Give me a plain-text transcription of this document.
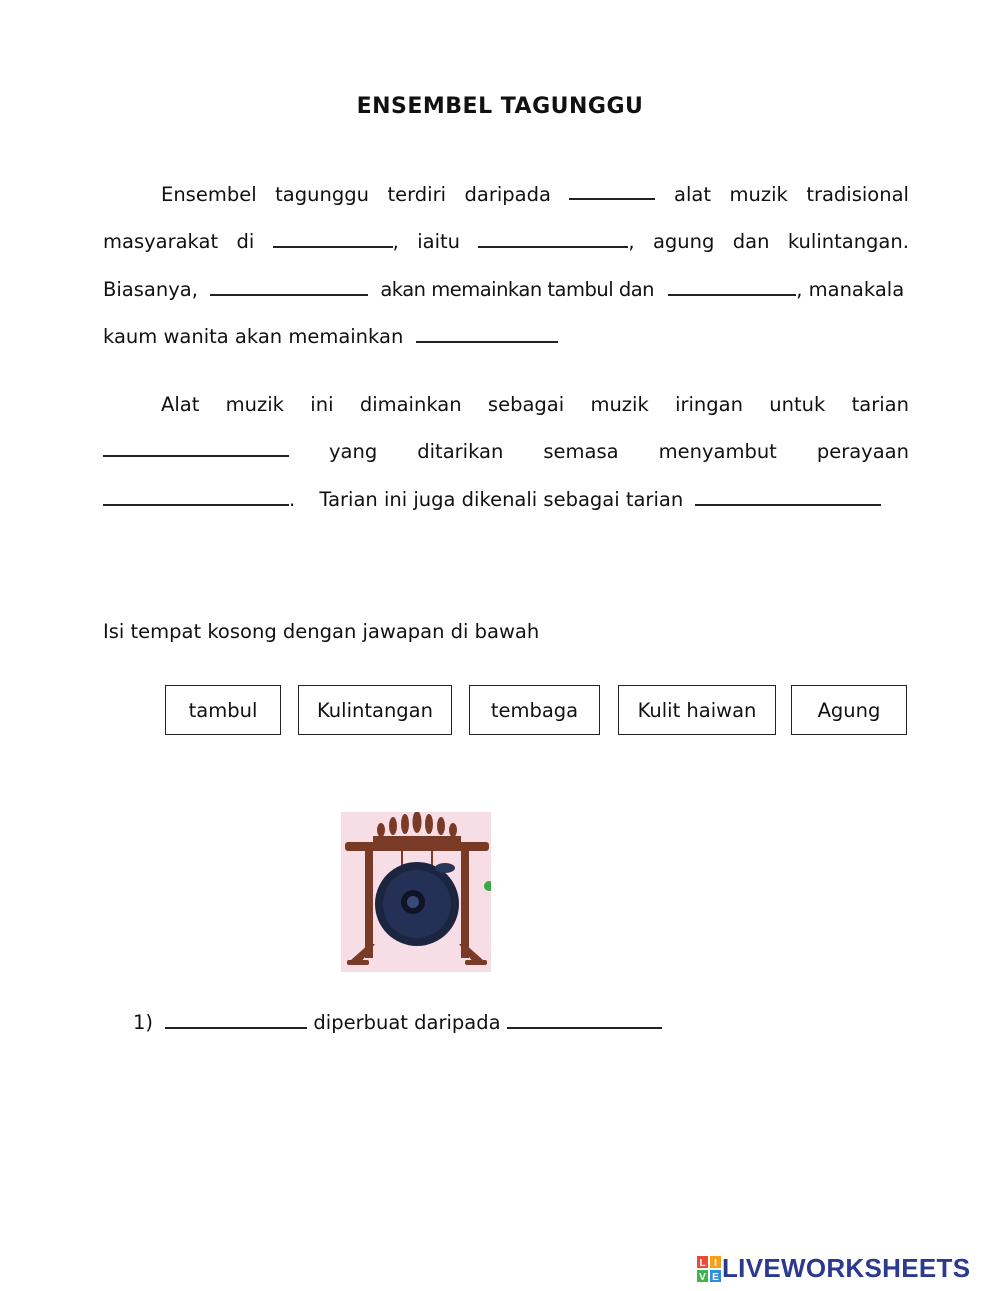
ENSEMBEL TAGUNGGU
Ensembel tagunggu terdiri daripada	alat muzik tradisional
masyarakat di	, iaitu	, agung dan kulintangan.
Biasanya,	akan memainkan tambul dan	, manakala
kaum wanita akan memainkan
Alat muzik ini dimainkan sebagai muzik iringan untuk tarian
yang ditarikan semasa menyambut perayaan
. Tarian ini juga dikenali sebagai tarian
Isi tempat kosong dengan jawapan di bawah
tambul	Kulintangan	tembaga	Kulit haiwan	Agung
1)	diperbuat daripada
L I
V E LIVEWORKSHEETS
